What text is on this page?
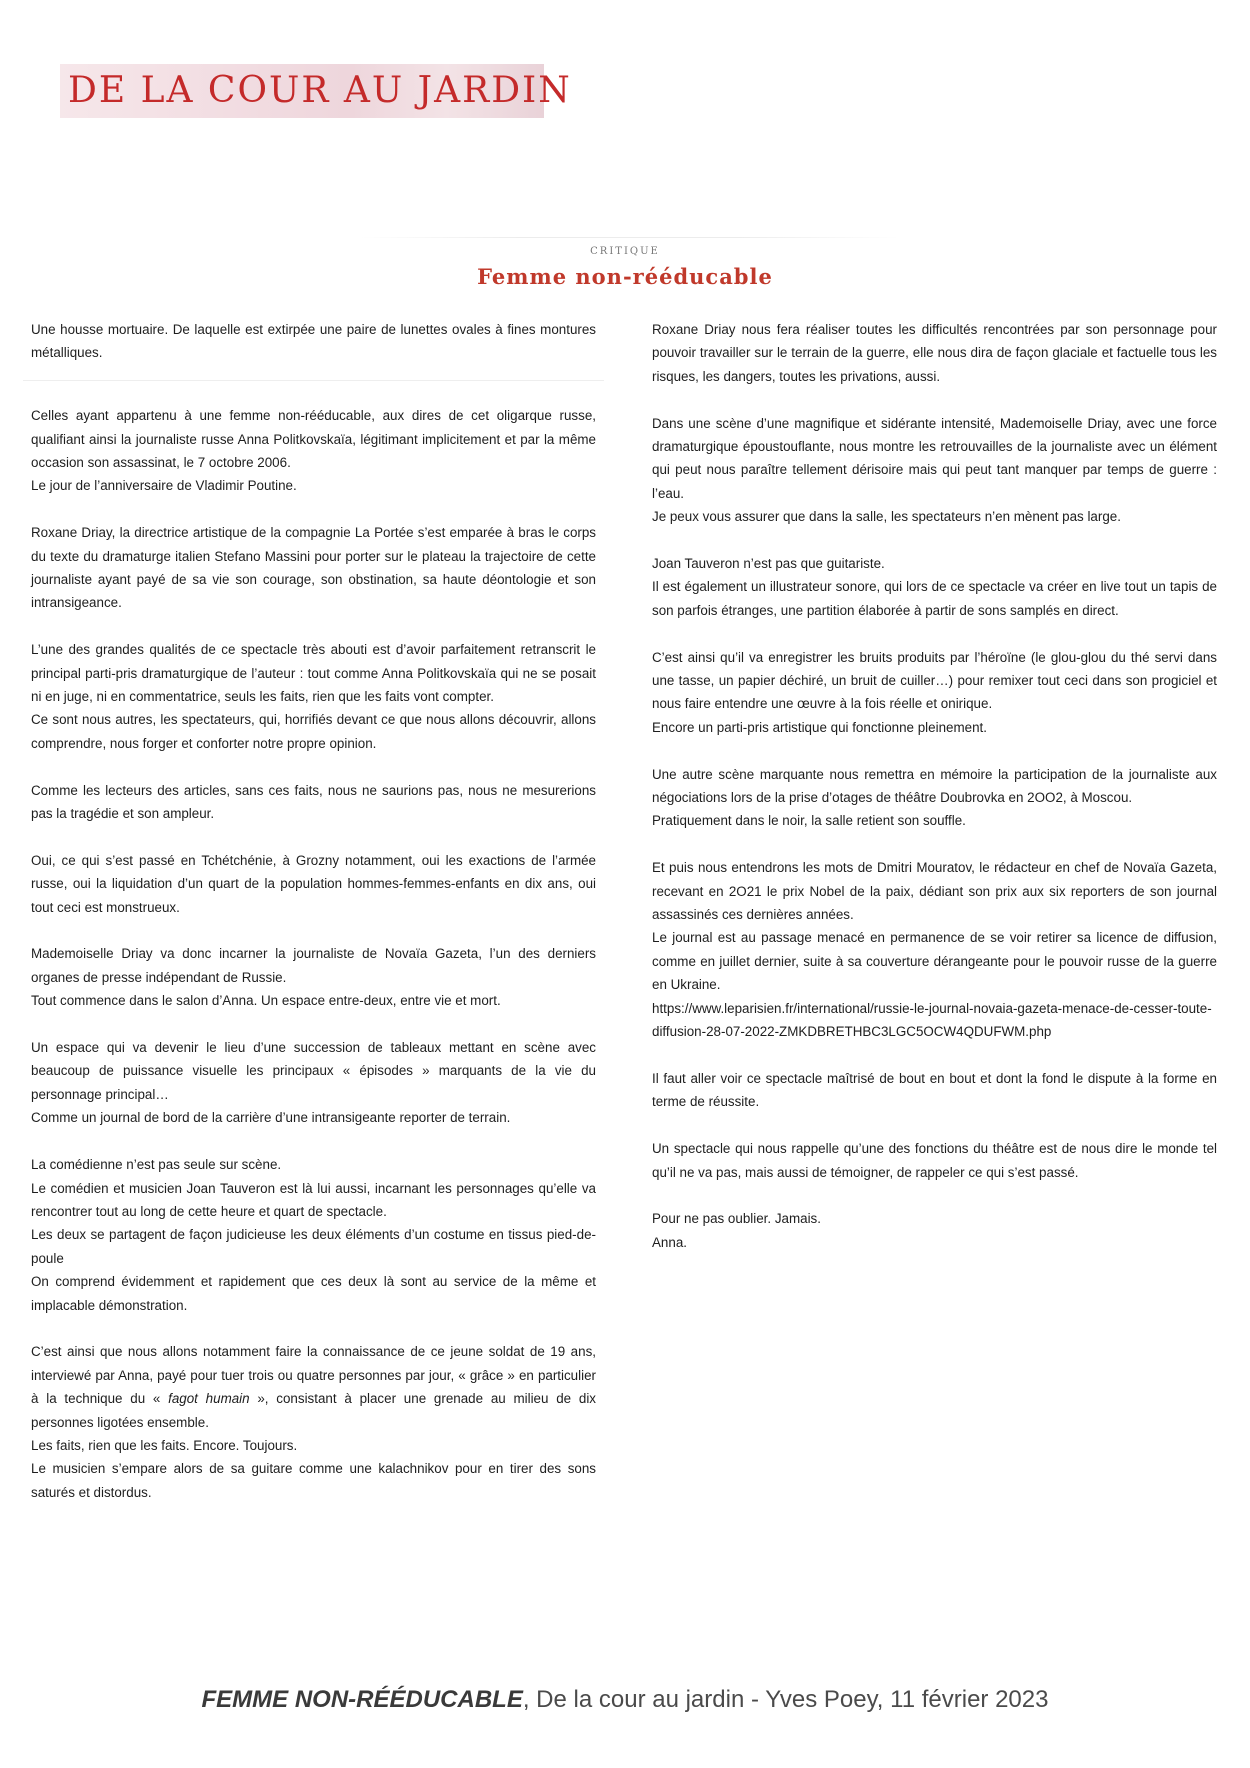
DE LA COUR AU JARDIN
CRITIQUE
Femme non-rééducable
Une housse mortuaire. De laquelle est extirpée une paire de lunettes ovales à fines montures métalliques.
Celles ayant appartenu à une femme non-rééducable, aux dires de cet oligarque russe, qualifiant ainsi la journaliste russe Anna Politkovskaïa, légitimant implicitement et par la même occasion son assassinat, le 7 octobre 2006.
Le jour de l’anniversaire de Vladimir Poutine.
Roxane Driay, la directrice artistique de la compagnie La Portée s’est emparée à bras le corps du texte du dramaturge italien Stefano Massini pour porter sur le plateau la trajectoire de cette journaliste ayant payé de sa vie son courage, son obstination, sa haute déontologie et son intransigeance.
L’une des grandes qualités de ce spectacle très abouti est d’avoir parfaitement retranscrit le principal parti-pris dramaturgique de l’auteur : tout comme Anna Politkovskaïa qui ne se posait ni en juge, ni en commentatrice, seuls les faits, rien que les faits vont compter.
Ce sont nous autres, les spectateurs, qui, horrifiés devant ce que nous allons découvrir, allons comprendre, nous forger et conforter notre propre opinion.
Comme les lecteurs des articles, sans ces faits, nous ne saurions pas, nous ne mesurerions pas la tragédie et son ampleur.
Oui, ce qui s’est passé en Tchétchénie, à Grozny notamment, oui les exactions de l’armée russe, oui la liquidation d’un quart de la population hommes-femmes-enfants en dix ans, oui tout ceci est monstrueux.
Mademoiselle Driay va donc incarner la journaliste de Novaïa Gazeta, l’un des derniers organes de presse indépendant de Russie.
Tout commence dans le salon d’Anna. Un espace entre-deux, entre vie et mort.
Un espace qui va devenir le lieu d’une succession de tableaux mettant en scène avec beaucoup de puissance visuelle les principaux « épisodes » marquants de la vie du personnage principal…
Comme un journal de bord de la carrière d’une intransigeante reporter de terrain.
La comédienne n’est pas seule sur scène.
Le comédien et musicien Joan Tauveron est là lui aussi, incarnant les personnages qu’elle va rencontrer tout au long de cette heure et quart de spectacle.
Les deux se partagent de façon judicieuse les deux éléments d’un costume en tissus pied-de-poule
On comprend évidemment et rapidement que ces deux là sont au service de la même et implacable démonstration.
C’est ainsi que nous allons notamment faire la connaissance de ce jeune soldat de 19 ans, interviewé par Anna, payé pour tuer trois ou quatre personnes par jour, « grâce » en particulier à la technique du « fagot humain », consistant à placer une grenade au milieu de dix personnes ligotées ensemble.
Les faits, rien que les faits. Encore. Toujours.
Le musicien s’empare alors de sa guitare comme une kalachnikov pour en tirer des sons saturés et distordus.
Roxane Driay nous fera réaliser toutes les difficultés rencontrées par son personnage pour pouvoir travailler sur le terrain de la guerre, elle nous dira de façon glaciale et factuelle tous les risques, les dangers, toutes les privations, aussi.
Dans une scène d’une magnifique et sidérante intensité, Mademoiselle Driay, avec une force dramaturgique époustouflante, nous montre les retrouvailles de la journaliste avec un élément qui peut nous paraître tellement dérisoire mais qui peut tant manquer par temps de guerre : l’eau.
Je peux vous assurer que dans la salle, les spectateurs n’en mènent pas large.
Joan Tauveron n’est pas que guitariste.
Il est également un illustrateur sonore, qui lors de ce spectacle va créer en live tout un tapis de son parfois étranges, une partition élaborée à partir de sons samplés en direct.
C’est ainsi qu’il va enregistrer les bruits produits par l’héroïne (le glou-glou du thé servi dans une tasse, un papier déchiré, un bruit de cuiller…) pour remixer tout ceci dans son progiciel et nous faire entendre une œuvre à la fois réelle et onirique.
Encore un parti-pris artistique qui fonctionne pleinement.
Une autre scène marquante nous remettra en mémoire la participation de la journaliste aux négociations lors de la prise d’otages de théâtre Doubrovka en 2OO2, à Moscou.
Pratiquement dans le noir, la salle retient son souffle.
Et puis nous entendrons les mots de Dmitri Mouratov, le rédacteur en chef de Novaïa Gazeta, recevant en 2O21 le prix Nobel de la paix, dédiant son prix aux six reporters de son journal assassinés ces dernières années.
Le journal est au passage menacé en permanence de se voir retirer sa licence de diffusion, comme en juillet dernier, suite à sa couverture dérangeante pour le pouvoir russe de la guerre en Ukraine.
https://www.leparisien.fr/international/russie-le-journal-novaia-gazeta-menace-de-cesser-toute-diffusion-28-07-2022-ZMKDBRETHBC3LGC5OCW4QDUFWM.php
Il faut aller voir ce spectacle maîtrisé de bout en bout et dont la fond le dispute à la forme en terme de réussite.
Un spectacle qui nous rappelle qu’une des fonctions du théâtre est de nous dire le monde tel qu’il ne va pas, mais aussi de témoigner, de rappeler ce qui s’est passé.
Pour ne pas oublier. Jamais.
Anna.
FEMME NON-RÉÉDUCABLE, De la cour au jardin - Yves Poey, 11 février 2023
